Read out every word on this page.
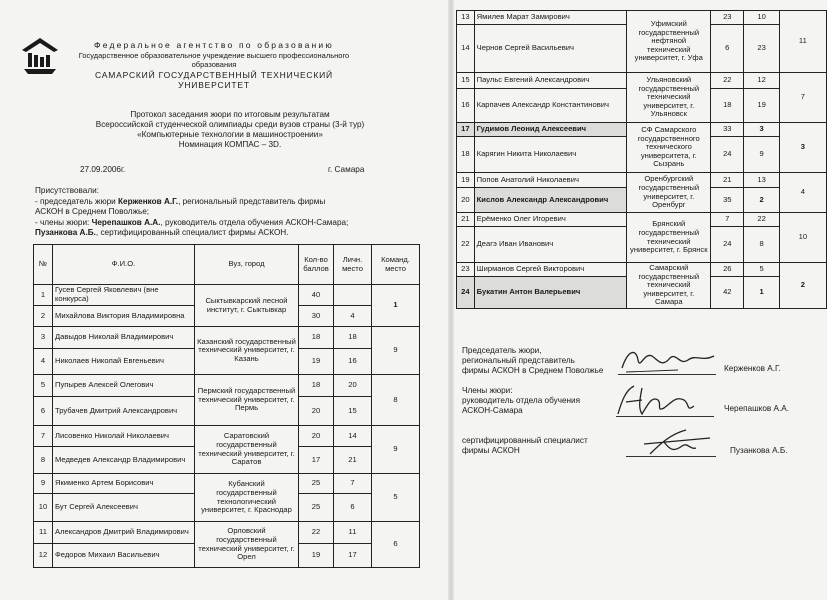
Федеральное агентство по образованию
Государственное образовательное учреждение высшего профессионального образования
САМАРСКИЙ ГОСУДАРСТВЕННЫЙ ТЕХНИЧЕСКИЙ УНИВЕРСИТЕТ
Протокол заседания жюри по итоговым результатам
Всероссийской студенческой олимпиады среди вузов страны (3-й тур)
«Компьютерные технологии в машиностроении»
Номинация КОМПАС – 3D.
27.09.2006г.	г. Самара
Присутствовали:
- председатель жюри Керженков А.Г., региональный представитель фирмы
АСКОН в Среднем Поволжье;
- члены жюри: Черепашков А.А., руководитель отдела обучения АСКОН-Самара;
Пузанкова А.Б., сертифицированный специалист фирмы АСКОН.
№	Ф.И.О.	Вуз, город	Кол-во баллов	Личн. место	Команд. место
1	Гусев Сергей Яковлевич (вне конкурса)	Сыктывкарский лесной институт, г. Сыктывкар	40		1
2	Михайлова Виктория Владимировна		30	4	
3	Давыдов Николай Владимирович	Казанский государственный технический университет, г. Казань	18	18	9
4	Николаев Николай Евгеньевич		19	16	
5	Пупырев Алексей Олегович	Пермский государственный технический университет, г. Пермь	18	20	8
6	Трубачев Дмитрий Александрович		20	15	
7	Лисовенко Николай Николаевич	Саратовский государственный технический университет, г. Саратов	20	14	9
8	Медведев Александр Владимирович		17	21	
9	Якименко Артем Борисович	Кубанский государственный технологический университет, г. Краснодар	25	7	5
10	Бут Сергей Алексеевич		25	6	
11	Александров Дмитрий Владимирович	Орловский государственный технический университет, г. Орел	22	11	6
12	Федоров Михаил Васильевич		19	17	
13	Ямилев Марат Замирович	Уфимский государственный нефтяной технический университет, г. Уфа	23	10	11
14	Чернов Сергей Васильевич		6	23	
15	Паульс Евгений Александрович	Ульяновский государственный технический университет, г. Ульяновск	22	12	7
16	Карпачев Александр Константинович		18	19	
17	Гудимов Леонид Алексеевич	СФ Самарского государственного технического университета, г. Сызрань	33	3	3
18	Карягин Никита Николаевич		24	9	
19	Попов Анатолий Николаевич	Оренбургский государственный университет, г. Оренбург	21	13	4
20	Кислов Александр Александрович		35	2	
21	Ерёменко Олег Игоревич	Брянский государственный технический университет, г. Брянск	7	22	10
22	Деагэ Иван Иванович		24	8	
23	Ширманов Сергей Викторович	Самарский государственный технический университет, г. Самара	26	5	2
24	Букатин Антон Валерьевич		42	1	
Председатель жюри,
региональный представитель
фирмы АСКОН в Среднем Поволжье	Керженков А.Г.
Члены жюри:
руководитель отдела обучения
АСКОН-Самара	Черепашков А.А.
сертифицированный специалист
фирмы АСКОН	Пузанкова А.Б.
